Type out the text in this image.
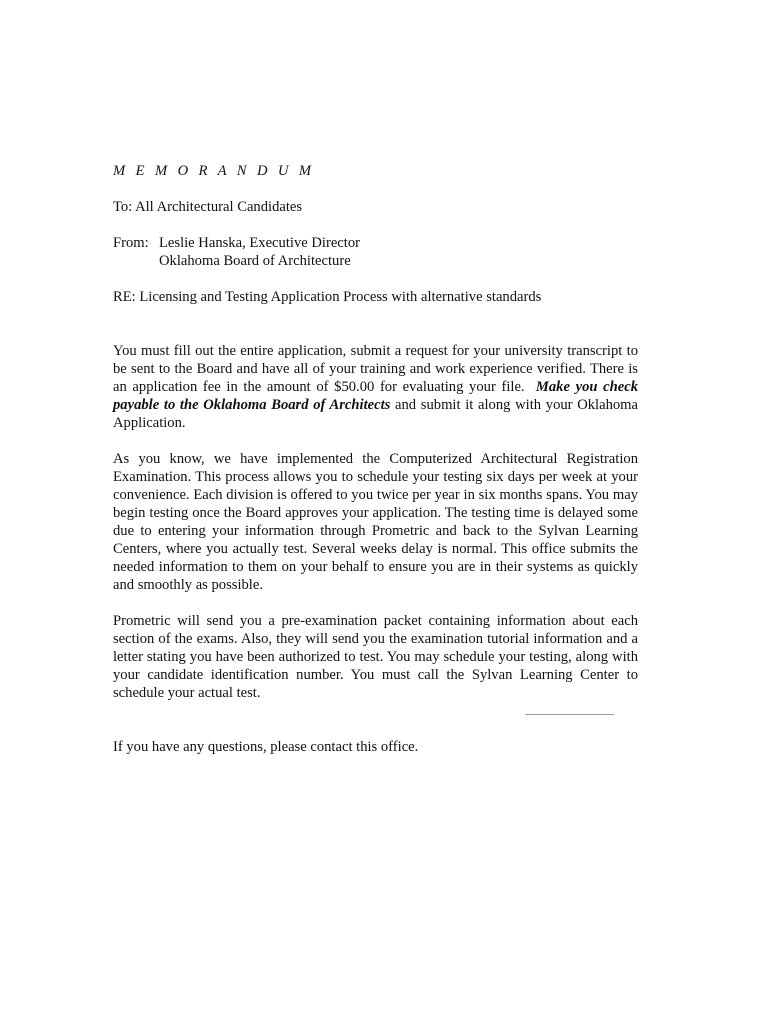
M E M O R A N D U M

To: All Architectural Candidates

From: Leslie Hanska, Executive Director

Oklahoma Board of Architecture

RE: Licensing and Testing Application Process with alternative standards

You must fill out the entire application, submit a request for your university transcript to be sent to the Board and have all of your training and work experience verified. There is an application fee in the amount of $50.00 for evaluating your file. Make you check payable to the Oklahoma Board of Architects and submit it along with your Oklahoma Application.

As you know, we have implemented the Computerized Architectural Registration Examination. This process allows you to schedule your testing six days per week at your convenience. Each division is offered to you twice per year in six months spans. You may begin testing once the Board approves your application. The testing time is delayed some due to entering your information through Prometric and back to the Sylvan Learning Centers, where you actually test. Several weeks delay is normal. This office submits the needed information to them on your behalf to ensure you are in their systems as quickly and smoothly as possible.

Prometric will send you a pre-examination packet containing information about each section of the exams. Also, they will send you the examination tutorial information and a letter stating you have been authorized to test. You may schedule your testing, along with your candidate identification number. You must call the Sylvan Learning Center to schedule your actual test.

If you have any questions, please contact this office.
